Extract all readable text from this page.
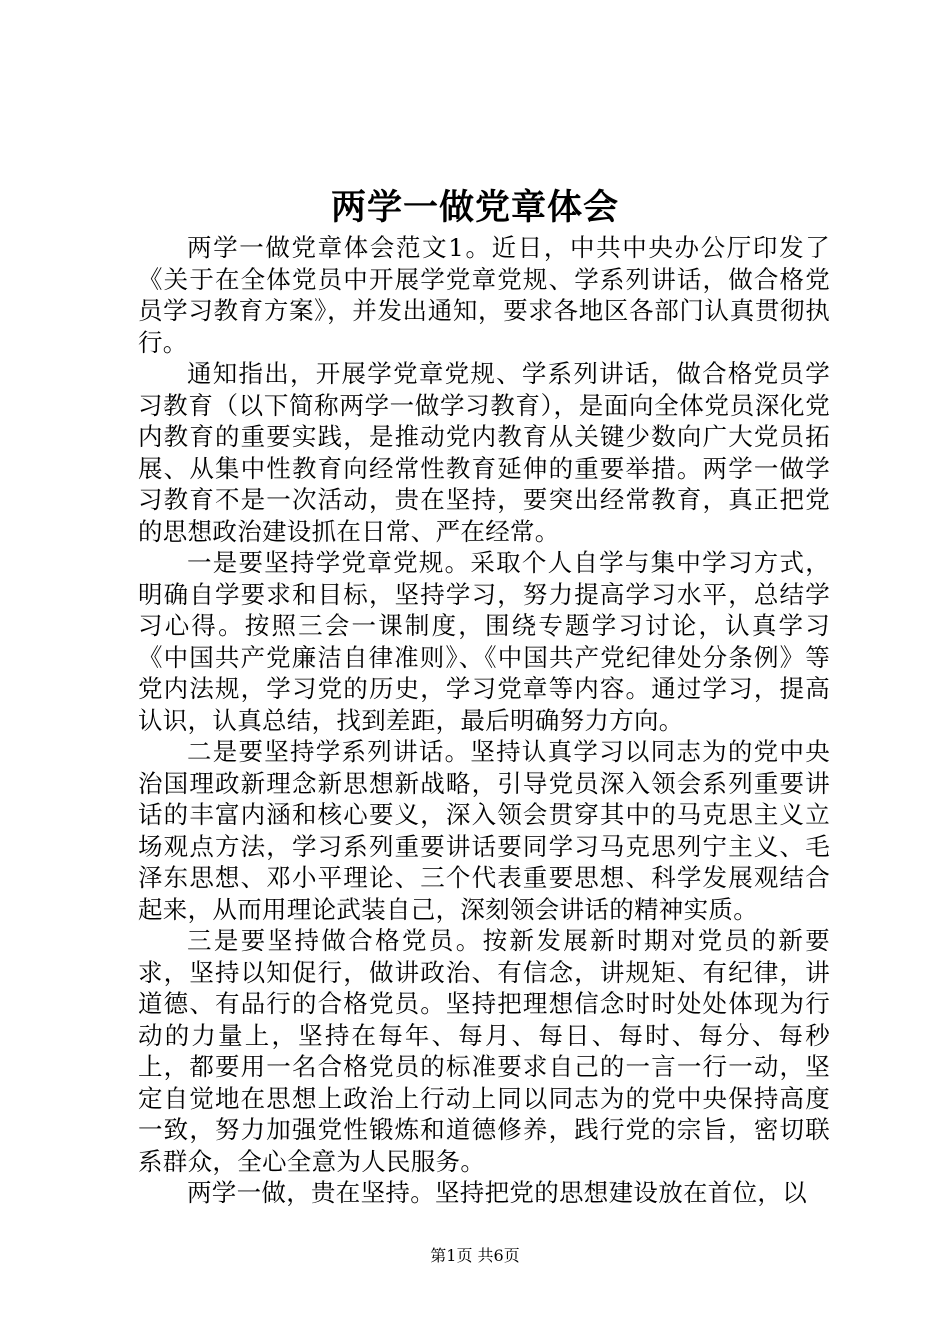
两学一做党章体会

两学一做党章体会范文1。近日，中共中央办公厅印发了《关于在全体党员中开展学党章党规、学系列讲话，做合格党员学习教育方案》，并发出通知，要求各地区各部门认真贯彻执行。

通知指出，开展学党章党规、学系列讲话，做合格党员学习教育（以下简称两学一做学习教育），是面向全体党员深化党内教育的重要实践，是推动党内教育从关键少数向广大党员拓展、从集中性教育向经常性教育延伸的重要举措。两学一做学习教育不是一次活动，贵在坚持，要突出经常教育，真正把党的思想政治建设抓在日常、严在经常。

一是要坚持学党章党规。采取个人自学与集中学习方式，明确自学要求和目标，坚持学习，努力提高学习水平，总结学习心得。按照三会一课制度，围绕专题学习讨论，认真学习《中国共产党廉洁自律准则》、《中国共产党纪律处分条例》等党内法规，学习党的历史，学习党章等内容。通过学习，提高认识，认真总结，找到差距，最后明确努力方向。

二是要坚持学系列讲话。坚持认真学习以同志为的党中央治国理政新理念新思想新战略，引导党员深入领会系列重要讲话的丰富内涵和核心要义，深入领会贯穿其中的马克思主义立场观点方法，学习系列重要讲话要同学习马克思列宁主义、毛泽东思想、邓小平理论、三个代表重要思想、科学发展观结合起来，从而用理论武装自己，深刻领会讲话的精神实质。

三是要坚持做合格党员。按新发展新时期对党员的新要求，坚持以知促行，做讲政治、有信念，讲规矩、有纪律，讲道德、有品行的合格党员。坚持把理想信念时时处处体现为行动的力量上，坚持在每年、每月、每日、每时、每分、每秒上，都要用一名合格党员的标准要求自己的一言一行一动，坚定自觉地在思想上政治上行动上同以同志为的党中央保持高度一致，努力加强党性锻炼和道德修养，践行党的宗旨，密切联系群众，全心全意为人民服务。

两学一做，贵在坚持。坚持把党的思想建设放在首位，以

第1页 共6页
